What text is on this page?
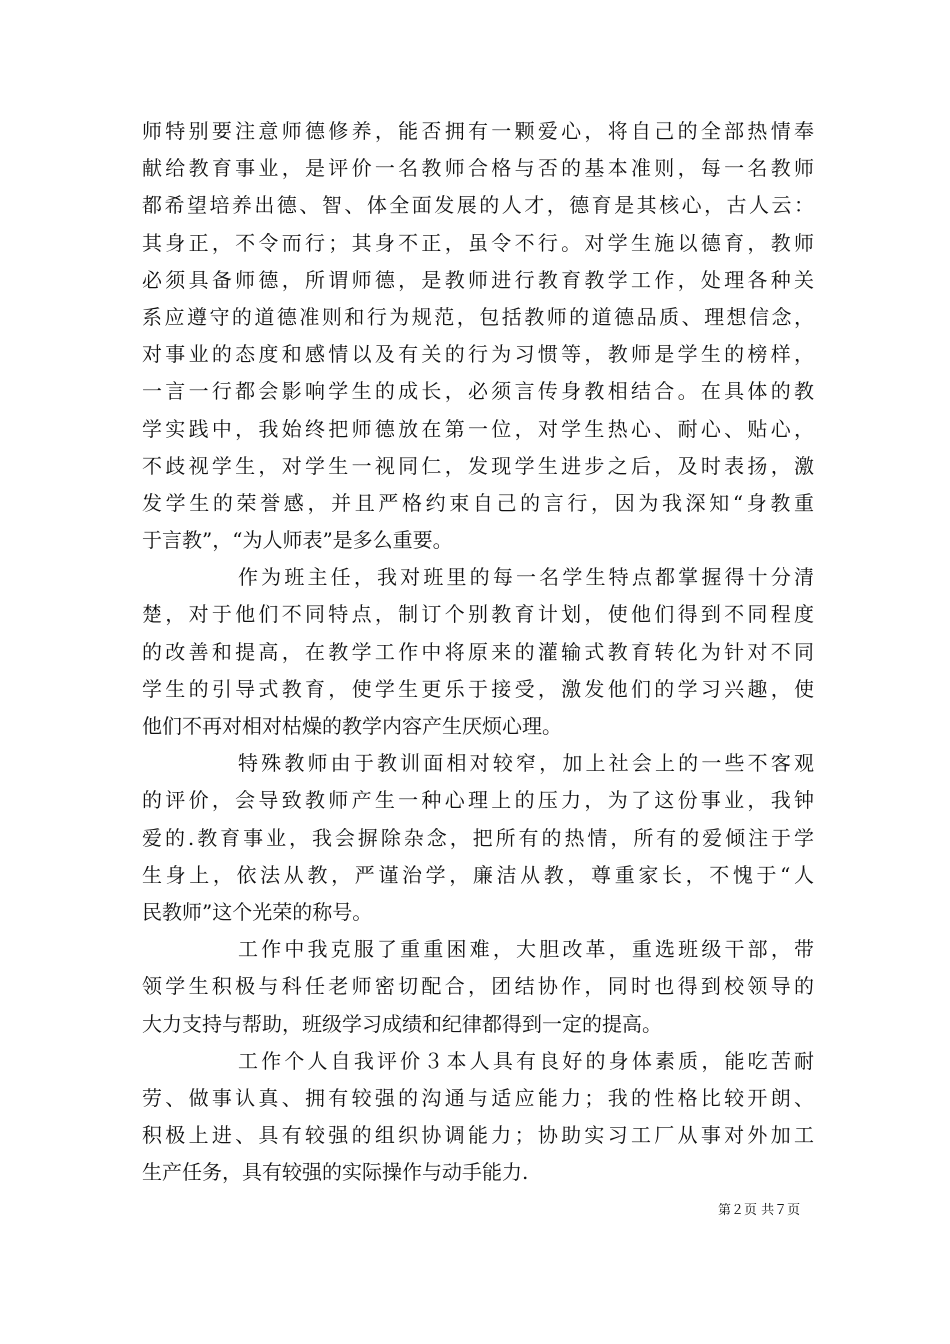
师特别要注意师德修养，能否拥有一颗爱心，将自己的全部热情奉
献给教育事业，是评价一名教师合格与否的基本准则，每一名教师
都希望培养出德、智、体全面发展的人才，德育是其核心，古人云：
其身正，不令而行；其身不正，虽令不行。对学生施以德育，教师
必须具备师德，所谓师德，是教师进行教育教学工作，处理各种关
系应遵守的道德准则和行为规范，包括教师的道德品质、理想信念，
对事业的态度和感情以及有关的行为习惯等，教师是学生的榜样，
一言一行都会影响学生的成长，必须言传身教相结合。在具体的教
学实践中，我始终把师德放在第一位，对学生热心、耐心、贴心，
不歧视学生，对学生一视同仁，发现学生进步之后，及时表扬，激
发学生的荣誉感，并且严格约束自己的言行，因为我深知“身教重
于言教”，“为人师表”是多么重要。
作为班主任，我对班里的每一名学生特点都掌握得十分清
楚，对于他们不同特点，制订个别教育计划，使他们得到不同程度
的改善和提高，在教学工作中将原来的灌输式教育转化为针对不同
学生的引导式教育，使学生更乐于接受，激发他们的学习兴趣，使
他们不再对相对枯燥的教学内容产生厌烦心理。
特殊教师由于教训面相对较窄，加上社会上的一些不客观
的评价，会导致教师产生一种心理上的压力，为了这份事业，我钟
爱的.教育事业，我会摒除杂念，把所有的热情，所有的爱倾注于学
生身上，依法从教，严谨治学，廉洁从教，尊重家长，不愧于“人
民教师”这个光荣的称号。
工作中我克服了重重困难，大胆改革，重选班级干部，带
领学生积极与科任老师密切配合，团结协作，同时也得到校领导的
大力支持与帮助，班级学习成绩和纪律都得到一定的提高。
工作个人自我评价３本人具有良好的身体素质，能吃苦耐
劳、做事认真、拥有较强的沟通与适应能力；我的性格比较开朗、
积极上进、具有较强的组织协调能力；协助实习工厂从事对外加工
生产任务，具有较强的实际操作与动手能力.
第２页 共７页
